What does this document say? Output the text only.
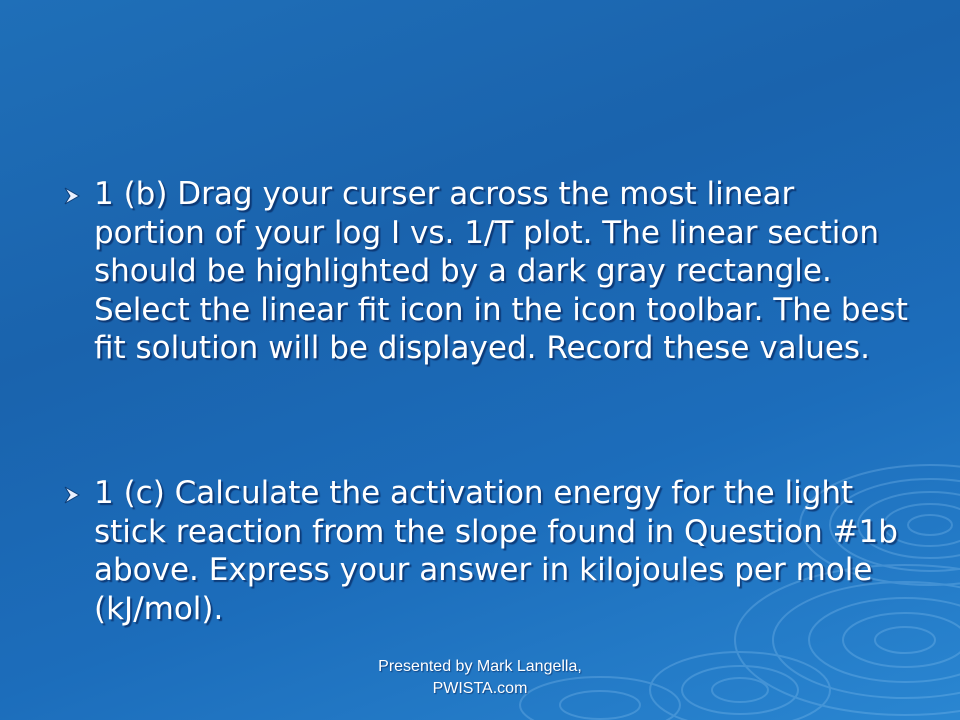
1 (b) Drag your curser across the most linear portion of your log I vs. 1/T plot. The linear section should be highlighted by a dark gray rectangle. Select the linear fit icon in the icon toolbar. The best fit solution will be displayed. Record these values.
1 (c) Calculate the activation energy for the light stick reaction from the slope found in Question #1b above. Express your answer in kilojoules per mole (kJ/mol).
Presented by Mark Langella,
PWISTA.com
